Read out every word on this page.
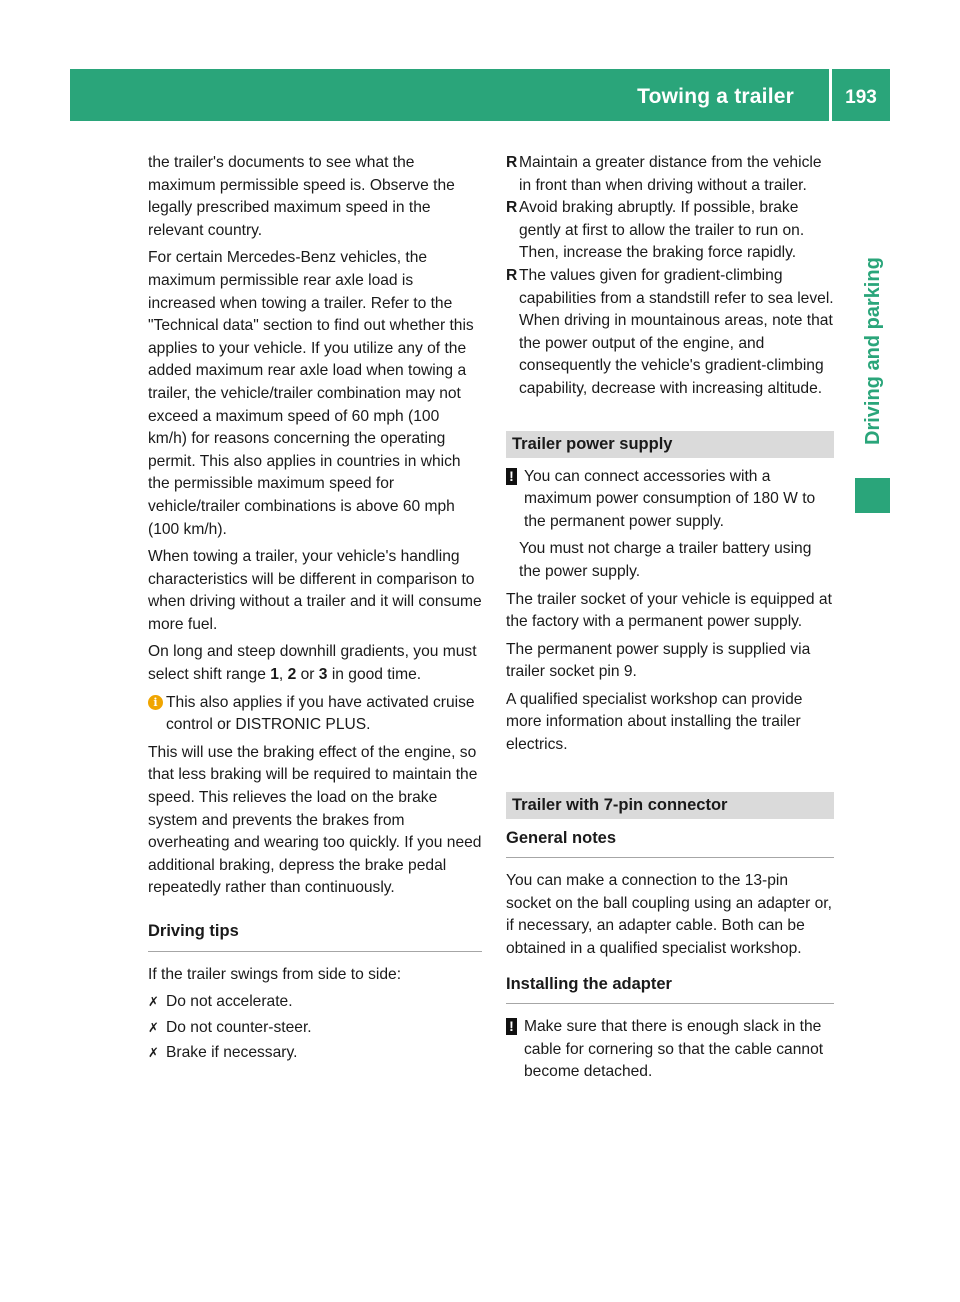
Towing a trailer	193
Driving and parking

the trailer's documents to see what the maximum permissible speed is. Observe the legally prescribed maximum speed in the relevant country.

For certain Mercedes-Benz vehicles, the maximum permissible rear axle load is increased when towing a trailer. Refer to the "Technical data" section to find out whether this applies to your vehicle. If you utilize any of the added maximum rear axle load when towing a trailer, the vehicle/trailer combination may not exceed a maximum speed of 60 mph (100 km/h) for reasons concerning the operating permit. This also applies in countries in which the permissible maximum speed for vehicle/trailer combinations is above 60 mph (100 km/h).

When towing a trailer, your vehicle's handling characteristics will be different in comparison to when driving without a trailer and it will consume more fuel.

On long and steep downhill gradients, you must select shift range 1, 2 or 3 in good time.

i This also applies if you have activated cruise control or DISTRONIC PLUS.

This will use the braking effect of the engine, so that less braking will be required to maintain the speed. This relieves the load on the brake system and prevents the brakes from overheating and wearing too quickly. If you need additional braking, depress the brake pedal repeatedly rather than continuously.

Driving tips

If the trailer swings from side to side:

✗ Do not accelerate.
✗ Do not counter-steer.
✗ Brake if necessary.
R Maintain a greater distance from the vehicle in front than when driving without a trailer.
R Avoid braking abruptly. If possible, brake gently at first to allow the trailer to run on. Then, increase the braking force rapidly.
R The values given for gradient-climbing capabilities from a standstill refer to sea level. When driving in mountainous areas, note that the power output of the engine, and consequently the vehicle's gradient-climbing capability, decrease with increasing altitude.
Trailer power supply
! You can connect accessories with a maximum power consumption of 180 W to the permanent power supply.

You must not charge a trailer battery using the power supply.

The trailer socket of your vehicle is equipped at the factory with a permanent power supply.

The permanent power supply is supplied via trailer socket pin 9.

A qualified specialist workshop can provide more information about installing the trailer electrics.

Trailer with 7-pin connector
General notes

You can make a connection to the 13-pin socket on the ball coupling using an adapter or, if necessary, an adapter cable. Both can be obtained in a qualified specialist workshop.

Installing the adapter
! Make sure that there is enough slack in the cable for cornering so that the cable cannot become detached.
